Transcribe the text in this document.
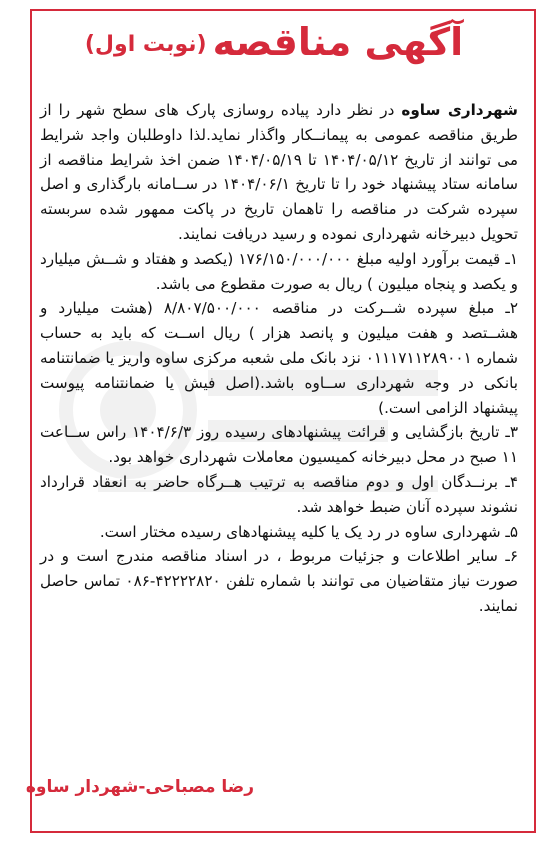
آگهی مناقصه(نوبت اول)

شهرداری ساوه در نظر دارد پیاده روسازی پارک های سطح شهر را از طریق مناقصه عمومی به پیمانــکار واگذار نماید.لذا داوطلبان واجد شرایط می توانند از تاریخ ۱۴۰۴/۰۵/۱۲ تا ۱۴۰۴/۰۵/۱۹ ضمن اخذ شرایط مناقصه از سامانه ستاد پیشنهاد خود را تا تاریخ ۱۴۰۴/۰۶/۱ در ســامانه بارگذاری و اصل سپرده شرکت در مناقصه را تاهمان تاریخ در پاکت ممهور شده سربسته تحویل دبیرخانه شهرداری نموده و رسید دریافت نمایند.

۱ـ قیمت برآورد اولیه مبلغ ۱۷۶/۱۵۰/۰۰۰/۰۰۰ (یکصد و هفتاد و شــش میلیارد و یکصد و پنجاه میلیون ) ریال به صورت مقطوع می باشد.

۲ـ مبلغ سپرده شــرکت در مناقصه ۸/۸۰۷/۵۰۰/۰۰۰ (هشت میلیارد و هشــتصد و هفت میلیون و پانصد هزار ) ریال اســت که باید به حساب شماره ۰۱۱۱۷۱۱۲۸۹۰۰۱ نزد بانک ملی شعبه مرکزی ساوه واریز یا ضمانتنامه بانکی در وجه شهرداری ســاوه باشد.(اصل فیش یا ضمانتنامه پیوست پیشنهاد الزامی است.)

۳ـ تاریخ بازگشایی و قرائت پیشنهادهای رسیده روز ۱۴۰۴/۶/۳ راس ســاعت ۱۱ صبح در محل دبیرخانه کمیسیون معاملات شهرداری خواهد بود.

۴ـ برنــدگان اول و دوم مناقصه به ترتیب هــرگاه حاضر به انعقاد قرارداد نشوند سپرده آنان ضبط خواهد شد.

۵ـ شهرداری ساوه در رد یک یا کلیه پیشنهادهای رسیده مختار است.

۶ـ سایر اطلاعات و جزئیات مربوط ، در اسناد مناقصه مندرج است و در صورت نیاز متقاضیان می توانند با شماره تلفن ۴۲۲۲۲۸۲۰-۰۸۶ تماس حاصل نمایند.

رضا مصباحی-شهردار ساوه
